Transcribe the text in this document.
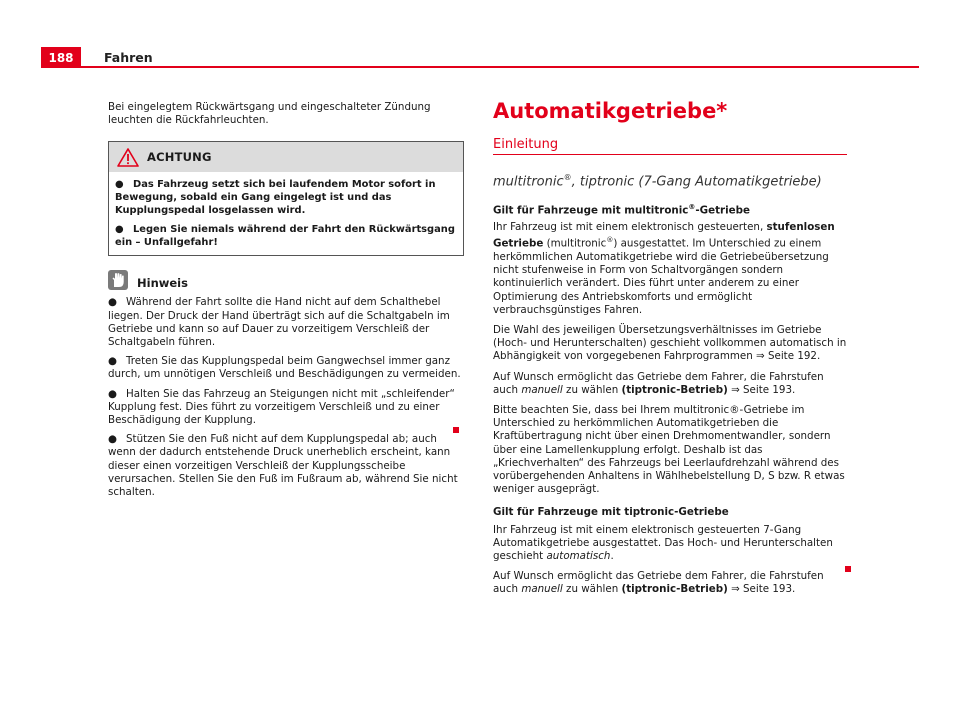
188	Fahren

Bei eingelegtem Rückwärtsgang und eingeschalteter Zündung leuchten die Rückfahrleuchten.

ACHTUNG

● Das Fahrzeug setzt sich bei laufendem Motor sofort in Bewegung, sobald ein Gang eingelegt ist und das Kupplungspedal losgelassen wird.

● Legen Sie niemals während der Fahrt den Rückwärtsgang ein – Unfallgefahr!

Hinweis

● Während der Fahrt sollte die Hand nicht auf dem Schalthebel liegen. Der Druck der Hand überträgt sich auf die Schaltgabeln im Getriebe und kann so auf Dauer zu vorzeitigem Verschleiß der Schaltgabeln führen.

● Treten Sie das Kupplungspedal beim Gangwechsel immer ganz durch, um unnötigen Verschleiß und Beschädigungen zu vermeiden.

● Halten Sie das Fahrzeug an Steigungen nicht mit „schleifender“ Kupplung fest. Dies führt zu vorzeitigem Verschleiß und zu einer Beschädigung der Kupplung.

● Stützen Sie den Fuß nicht auf dem Kupplungspedal ab; auch wenn der dadurch entstehende Druck unerheblich erscheint, kann dieser einen vorzeitigen Verschleiß der Kupplungsscheibe verursachen. Stellen Sie den Fuß im Fußraum ab, während Sie nicht schalten.

Automatikgetriebe*
Einleitung
multitronic®, tiptronic (7-Gang Automatikgetriebe)
Gilt für Fahrzeuge mit multitronic®-Getriebe

Ihr Fahrzeug ist mit einem elektronisch gesteuerten, stufenlosen Getriebe (multitronic®) ausgestattet. Im Unterschied zu einem herkömmlichen Automatikgetriebe wird die Getriebeübersetzung nicht stufenweise in Form von Schaltvorgängen sondern kontinuierlich verändert. Dies führt unter anderem zu einer Optimierung des Antriebskomforts und ermöglicht verbrauchsgünstiges Fahren.

Die Wahl des jeweiligen Übersetzungsverhältnisses im Getriebe (Hoch- und Herunterschalten) geschieht vollkommen automatisch in Abhängigkeit von vorgegebenen Fahrprogrammen ⇒ Seite 192.

Auf Wunsch ermöglicht das Getriebe dem Fahrer, die Fahrstufen auch manuell zu wählen (tiptronic-Betrieb) ⇒ Seite 193.

Bitte beachten Sie, dass bei Ihrem multitronic®-Getriebe im Unterschied zu herkömmlichen Automatikgetrieben die Kraftübertragung nicht über einen Drehmomentwandler, sondern über eine Lamellenkupplung erfolgt. Deshalb ist das „Kriechverhalten“ des Fahrzeugs bei Leerlaufdrehzahl während des vorübergehenden Anhaltens in Wählhebelstellung D, S bzw. R etwas weniger ausgeprägt.

Gilt für Fahrzeuge mit tiptronic-Getriebe

Ihr Fahrzeug ist mit einem elektronisch gesteuerten 7-Gang Automatikgetriebe ausgestattet. Das Hoch- und Herunterschalten geschieht automatisch.

Auf Wunsch ermöglicht das Getriebe dem Fahrer, die Fahrstufen auch manuell zu wählen (tiptronic-Betrieb) ⇒ Seite 193.
